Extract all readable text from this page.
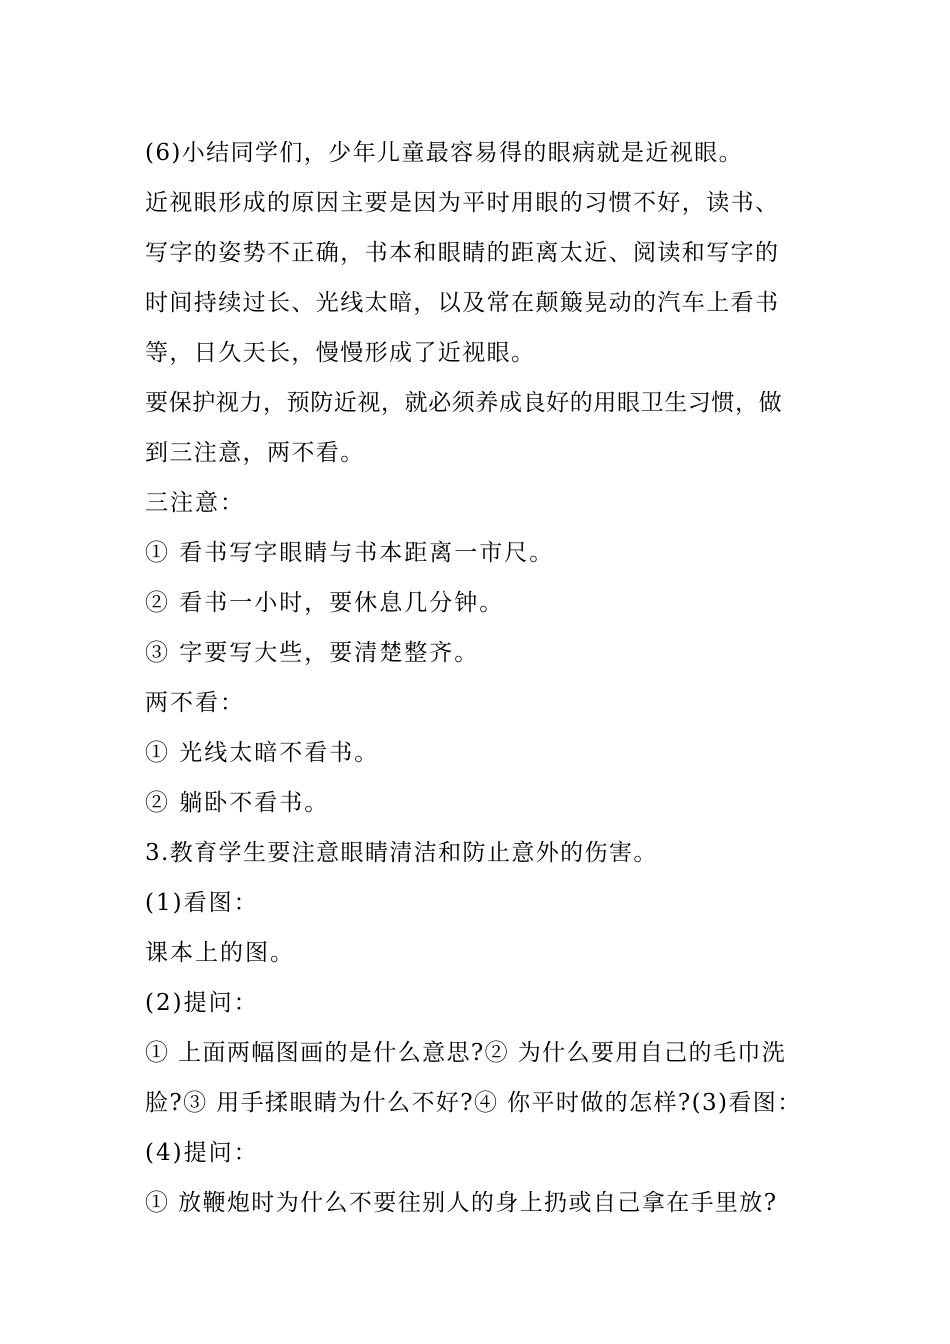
(6)小结同学们，少年儿童最容易得的眼病就是近视眼。
近视眼形成的原因主要是因为平时用眼的习惯不好，读书、
写字的姿势不正确，书本和眼睛的距离太近、阅读和写字的
时间持续过长、光线太暗，以及常在颠簸晃动的汽车上看书
等，日久天长，慢慢形成了近视眼。
要保护视力，预防近视，就必须养成良好的用眼卫生习惯，做
到三注意，两不看。
三注意：
① 看书写字眼睛与书本距离一市尺。
② 看书一小时，要休息几分钟。
③ 字要写大些，要清楚整齐。
两不看：
① 光线太暗不看书。
② 躺卧不看书。
3.教育学生要注意眼睛清洁和防止意外的伤害。
(1)看图：
课本上的图。
(2)提问：
① 上面两幅图画的是什么意思?② 为什么要用自己的毛巾洗
脸?③ 用手揉眼睛为什么不好?④ 你平时做的怎样?(3)看图：
(4)提问：
① 放鞭炮时为什么不要往别人的身上扔或自己拿在手里放?
